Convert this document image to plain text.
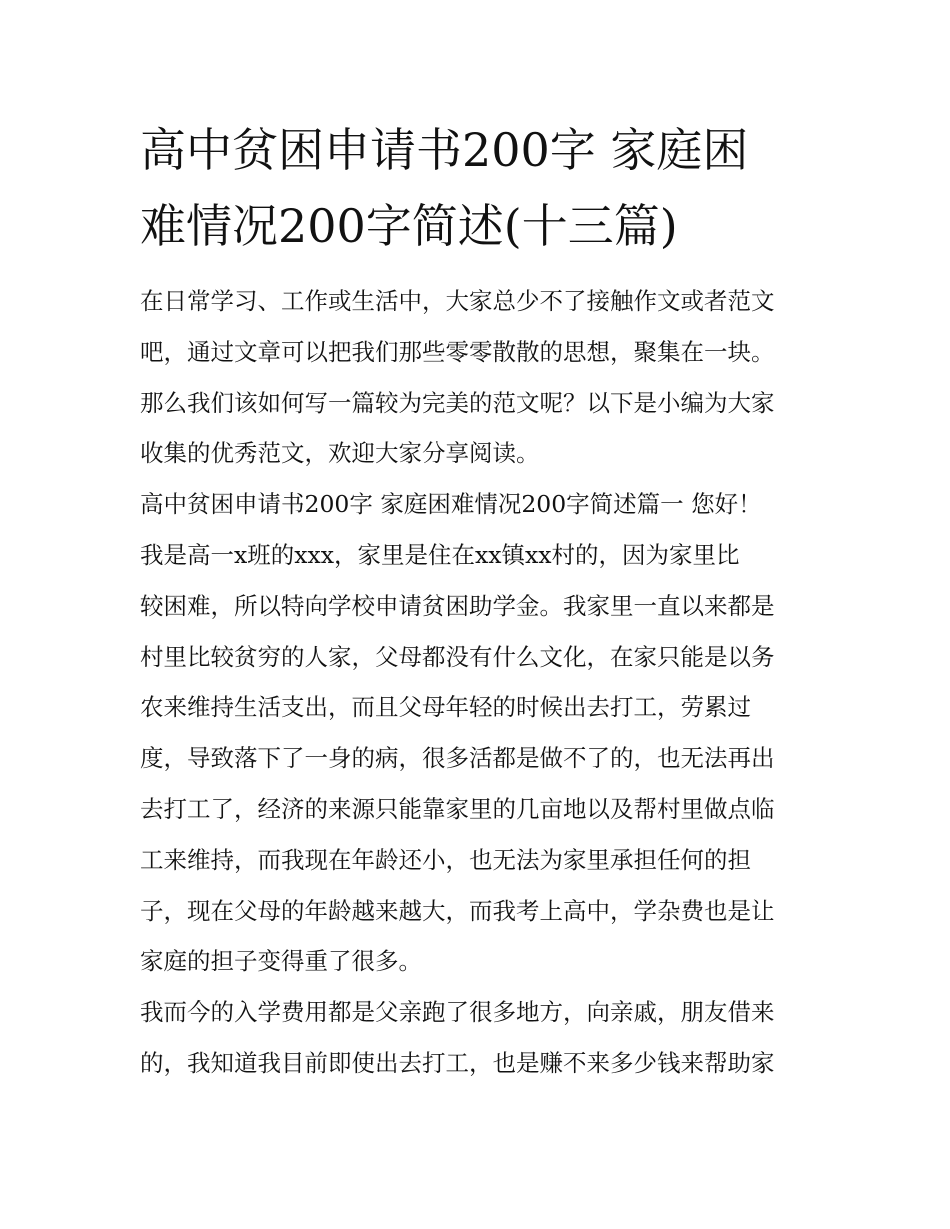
高中贫困申请书200字 家庭困
难情况200字简述(十三篇)
在日常学习、工作或生活中，大家总少不了接触作文或者范文
吧，通过文章可以把我们那些零零散散的思想，聚集在一块。
那么我们该如何写一篇较为完美的范文呢？以下是小编为大家
收集的优秀范文，欢迎大家分享阅读。
高中贫困申请书200字 家庭困难情况200字简述篇一 您好！
我是高一x班的xxx，家里是住在xx镇xx村的，因为家里比
较困难，所以特向学校申请贫困助学金。我家里一直以来都是
村里比较贫穷的人家，父母都没有什么文化，在家只能是以务
农来维持生活支出，而且父母年轻的时候出去打工，劳累过
度，导致落下了一身的病，很多活都是做不了的，也无法再出
去打工了，经济的来源只能靠家里的几亩地以及帮村里做点临
工来维持，而我现在年龄还小，也无法为家里承担任何的担
子，现在父母的年龄越来越大，而我考上高中，学杂费也是让
家庭的担子变得重了很多。
我而今的入学费用都是父亲跑了很多地方，向亲戚，朋友借来
的，我知道我目前即使出去打工，也是赚不来多少钱来帮助家
